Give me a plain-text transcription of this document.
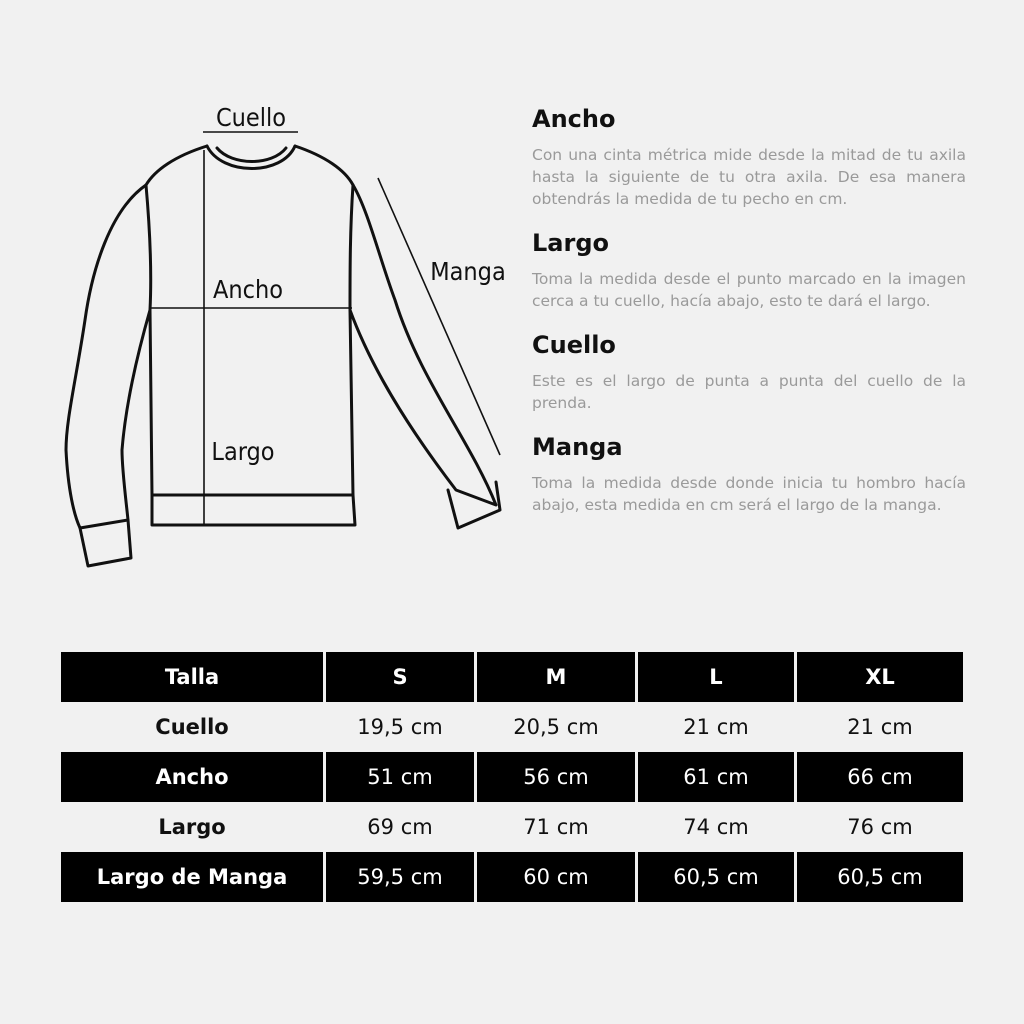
Cuello
Ancho
Largo
Manga
Ancho

Con una cinta métrica mide desde la mitad de tu axila hasta la siguiente de tu otra axila. De esa manera obtendrás la medida de tu pecho en cm.

Largo

Toma la medida desde el punto marcado en la imagen cerca a tu cuello, hacía abajo, esto te dará el largo.

Cuello

Este es el largo de punta a punta del cuello de la prenda.

Manga

Toma la medida desde donde inicia tu hombro hacía abajo, esta medida en cm será el largo de la manga.

Talla	S	M	L	XL
Cuello	19,5 cm	20,5 cm	21 cm	21 cm
Ancho	51 cm	56 cm	61 cm	66 cm
Largo	69 cm	71 cm	74 cm	76 cm
Largo de Manga	59,5 cm	60 cm	60,5 cm	60,5 cm
